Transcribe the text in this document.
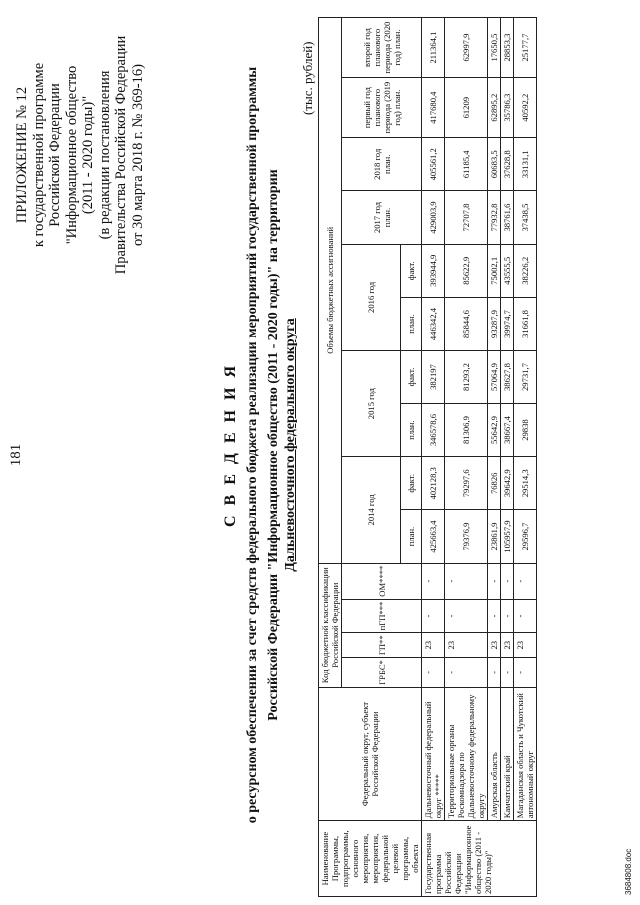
181
ПРИЛОЖЕНИЕ № 12 к государственной программе Российской Федерации "Информационное общество (2011 - 2020 годы)" (в редакции постановления Правительства Российской Федерации от 30 марта 2018 г. № 369-16)
С В Е Д Е Н И Я о ресурсном обеспечении за счет средств федерального бюджета реализации мероприятий государственной программы Российской Федерации "Информационное общество (2011 - 2020 годы)" на территории Дальневосточного федерального округа
(тыс. рублей)
Наименование Программы, подпрограммы, основного мероприятия, мероприятия, федеральной целевой программы, объекта	Федеральный округ, субъект Российской Федерации	Код бюджетной классификации Российской Федерации				Объемы бюджетных ассигнований									
		ГРБС*	ГП**	пГП***	ОМ****	2014 год		2015 год		2016 год		2017 год план.	2018 год план.	первый год планового периода (2019 год) план.	второй год планового периода (2020 год) план.
						план.	факт.	план.	факт.	план.	факт.				
Государственная программа Российской Федерации "Информационное общество (2011 - 2020 годы)"	Дальневосточный федеральный округ *****	-	23	-	-	425663,4	402128,3	346578,6	382197	446342,4	393944,9	429003,9	405561,2	417680,4	211364,1
	Территориальные органы Роскомнадзора по Дальневосточному федеральному округу	-	23	-	-	79376,9	79297,6	81306,9	81293,2	85844,6	85622,9	72707,8	61185,4	61209	62997,9
	Амурская область	-	23	-	-	23861,9	76826	55642,9	57064,9	93287,9	75002,1	77932,8	60683,5	62895,2	17650,5
	Камчатский край	-	23	-	-	105957,9	39642,9	38667,4	38627,8	39974,7	43555,5	38761,6	37628,8	35786,3	28853,3
	Магаданская область и Чукотский автономный округ	-	23	-	-	29596,7	29514,3	29838	29731,7	31661,8	38226,2	37438,5	33131,1	40592,2	25177,7
3684808.doc
